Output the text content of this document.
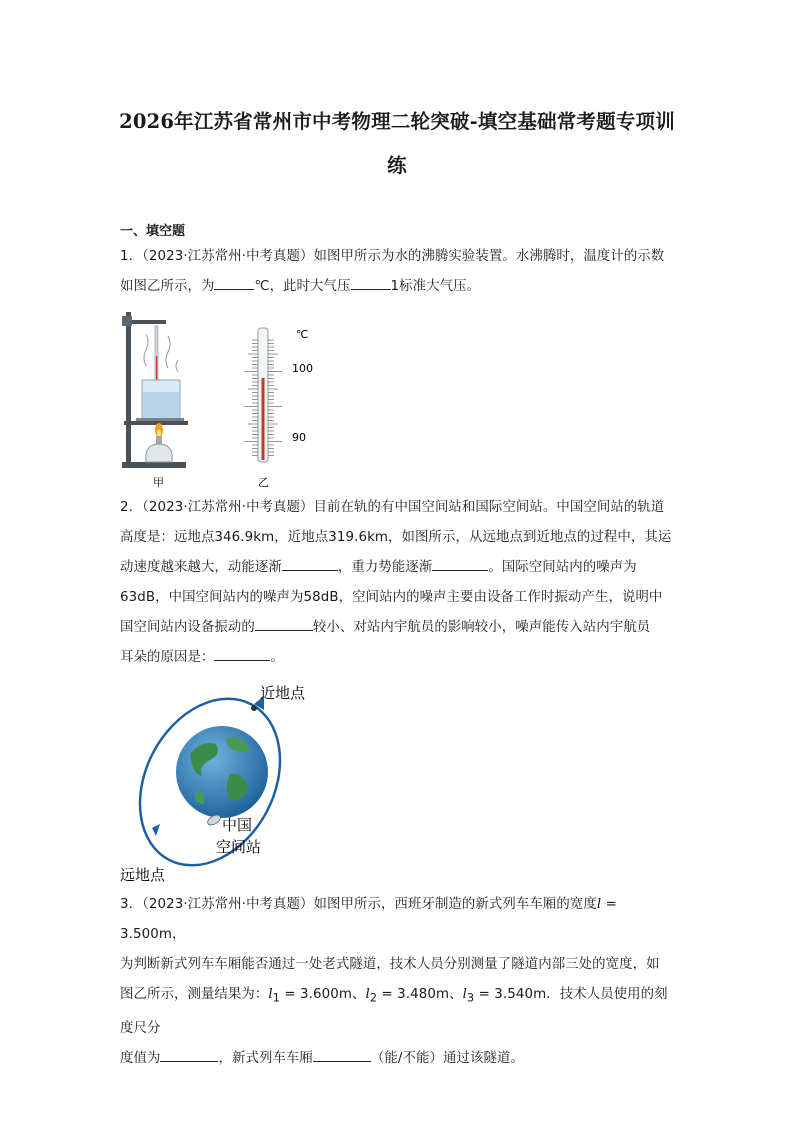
2026年江苏省常州市中考物理二轮突破-填空基础常考题专项训
练
一、填空题
1．（2023·江苏常州·中考真题）如图甲所示为水的沸腾实验装置。水沸腾时，温度计的示数
如图乙所示，为	℃，此时大气压	1标准大气压。
甲
℃
100
90
乙
2．（2023·江苏常州·中考真题）目前在轨的有中国空间站和国际空间站。中国空间站的轨道
高度是：远地点346.9km，近地点319.6km，如图所示，从远地点到近地点的过程中，其运
动速度越来越大，动能逐渐	，重力势能逐渐	。国际空间站内的噪声为
63dB，中国空间站内的噪声为58dB，空间站内的噪声主要由设备工作时振动产生，说明中
国空间站内设备振动的	较小、对站内宇航员的影响较小，噪声能传入站内宇航员
耳朵的原因是：	。
近地点
中国
空间站
远地点
3．（2023·江苏常州·中考真题）如图甲所示，西班牙制造的新式列车车厢的宽度l = 3.500m，
为判断新式列车车厢能否通过一处老式隧道，技术人员分别测量了隧道内部三处的宽度，如
图乙所示，测量结果为：$l_1 = 3.600m$、$l_2 = 3.480m$、$l_3 = 3.540m$．技术人员使用的刻度尺分
度值为	，新式列车车厢	（能/不能）通过该隧道。
